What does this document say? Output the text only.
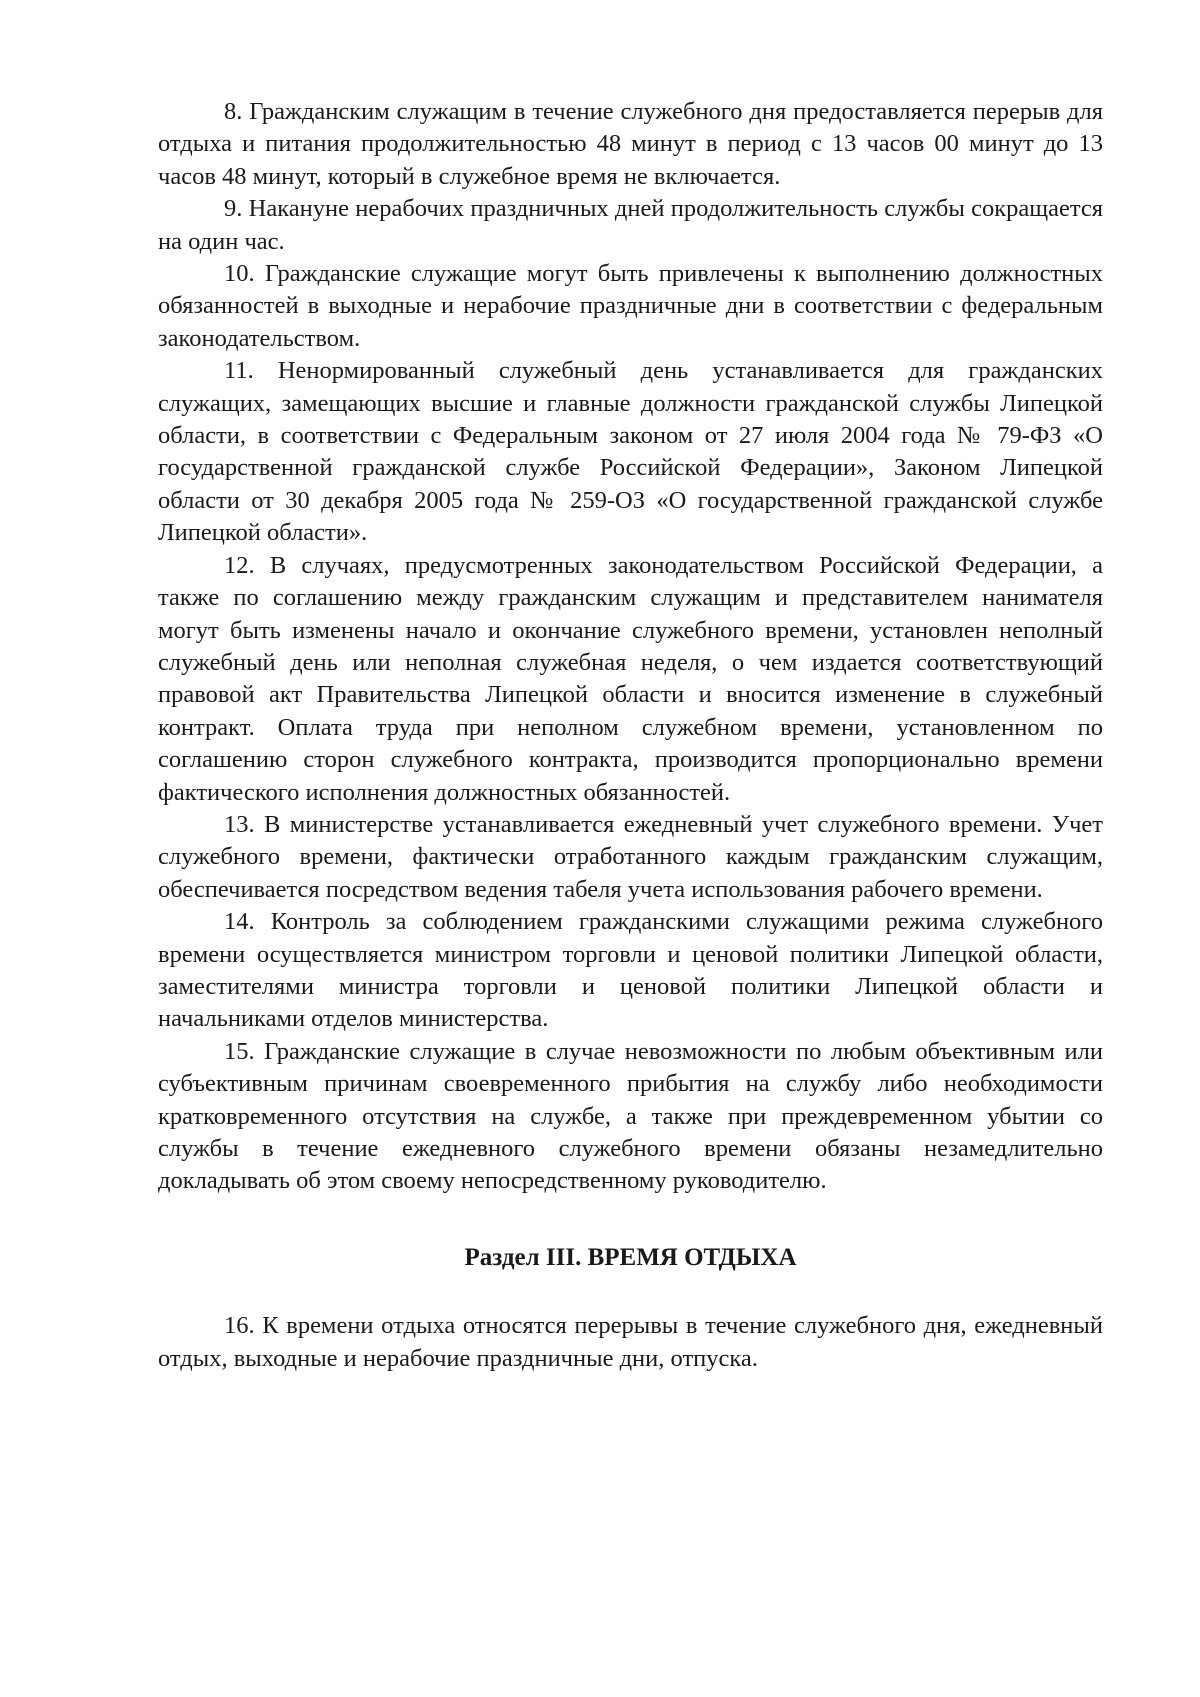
8. Гражданским служащим в течение служебного дня предоставляется перерыв для отдыха и питания продолжительностью 48 минут в период с 13 часов 00 минут до 13 часов 48 минут, который в служебное время не включается.

9. Накануне нерабочих праздничных дней продолжительность службы сокращается на один час.

10. Гражданские служащие могут быть привлечены к выполнению должностных обязанностей в выходные и нерабочие праздничные дни в соответствии с федеральным законодательством.

11. Ненормированный служебный день устанавливается для гражданских служащих, замещающих высшие и главные должности гражданской службы Липецкой области, в соответствии с Федеральным законом от 27 июля 2004 года № 79-ФЗ «О государственной гражданской службе Российской Федерации», Законом Липецкой области от 30 декабря 2005 года № 259-ОЗ «О государственной гражданской службе Липецкой области».

12. В случаях, предусмотренных законодательством Российской Федерации, а также по соглашению между гражданским служащим и представителем нанимателя могут быть изменены начало и окончание служебного времени, установлен неполный служебный день или неполная служебная неделя, о чем издается соответствующий правовой акт Правительства Липецкой области и вносится изменение в служебный контракт. Оплата труда при неполном служебном времени, установленном по соглашению сторон служебного контракта, производится пропорционально времени фактического исполнения должностных обязанностей.

13. В министерстве устанавливается ежедневный учет служебного времени. Учет служебного времени, фактически отработанного каждым гражданским служащим, обеспечивается посредством ведения табеля учета использования рабочего времени.

14. Контроль за соблюдением гражданскими служащими режима служебного времени осуществляется министром торговли и ценовой политики Липецкой области, заместителями министра торговли и ценовой политики Липецкой области и начальниками отделов министерства.

15. Гражданские служащие в случае невозможности по любым объективным или субъективным причинам своевременного прибытия на службу либо необходимости кратковременного отсутствия на службе, а также при преждевременном убытии со службы в течение ежедневного служебного времени обязаны незамедлительно докладывать об этом своему непосредственному руководителю.

Раздел III. ВРЕМЯ ОТДЫХА

16. К времени отдыха относятся перерывы в течение служебного дня, ежедневный отдых, выходные и нерабочие праздничные дни, отпуска.
